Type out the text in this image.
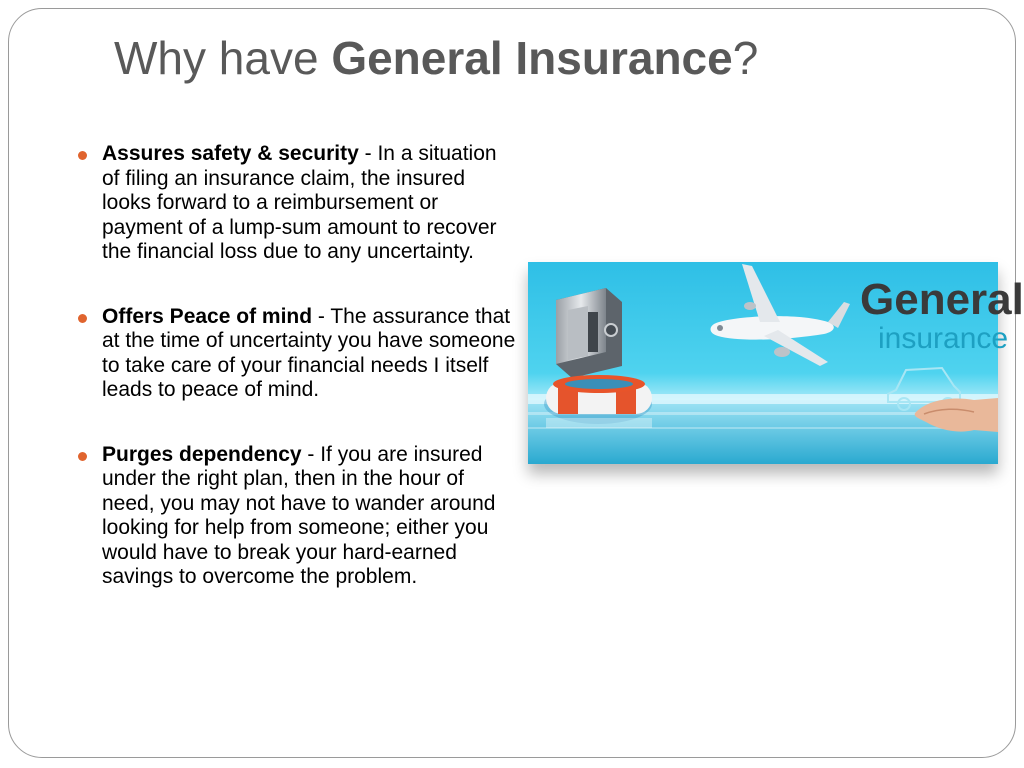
Why have General Insurance?
Assures safety & security - In a situation of filing an insurance claim, the insured looks forward to a reimbursement or payment of a lump-sum amount to recover the financial loss due to any uncertainty.
Offers Peace of mind - The assurance that at the time of uncertainty you have someone to take care of your financial needs I itself leads to peace of mind.
Purges dependency - If you are insured under the right plan, then in the hour of need, you may not have to wander around looking for help from someone; either you would have to break your hard-earned savings to overcome the problem.
General
insurance
